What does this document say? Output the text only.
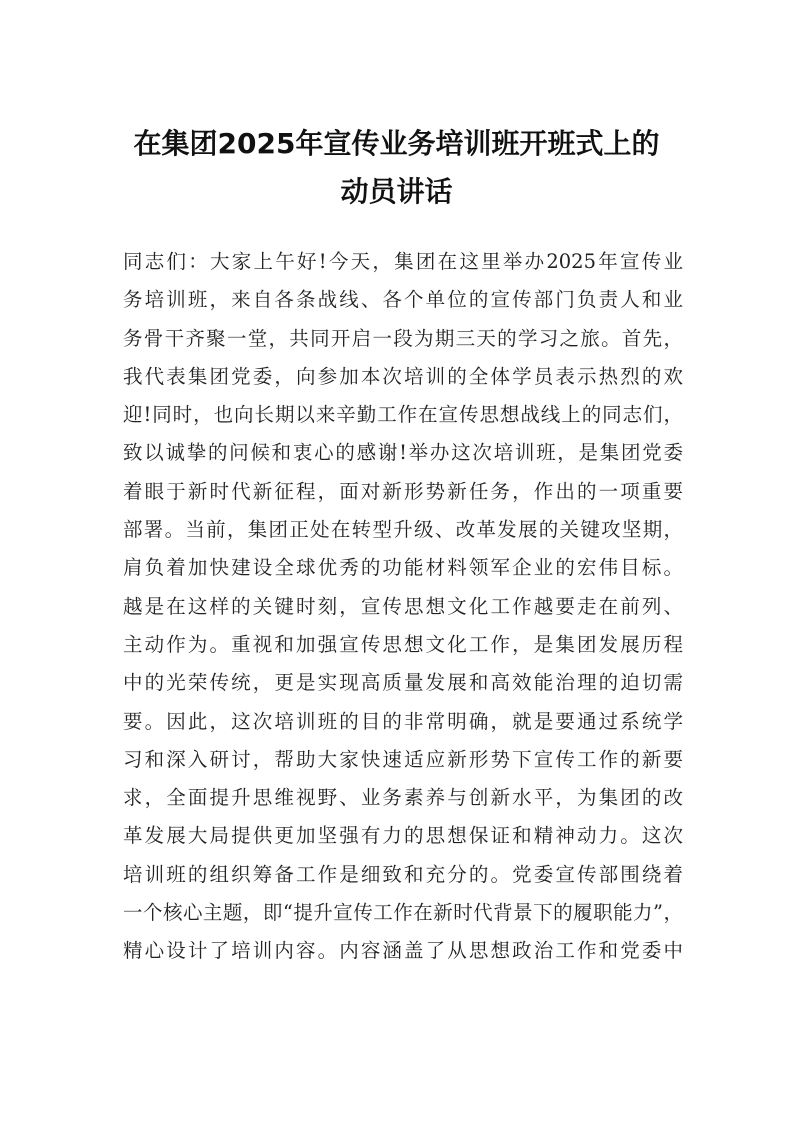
在集团2025年宣传业务培训班开班式上的
动员讲话
同志们：大家上午好!今天，集团在这里举办2025年宣传业
务培训班，来自各条战线、各个单位的宣传部门负责人和业
务骨干齐聚一堂，共同开启一段为期三天的学习之旅。首先，
我代表集团党委，向参加本次培训的全体学员表示热烈的欢
迎!同时，也向长期以来辛勤工作在宣传思想战线上的同志们，
致以诚挚的问候和衷心的感谢!举办这次培训班，是集团党委
着眼于新时代新征程，面对新形势新任务，作出的一项重要
部署。当前，集团正处在转型升级、改革发展的关键攻坚期，
肩负着加快建设全球优秀的功能材料领军企业的宏伟目标。
越是在这样的关键时刻，宣传思想文化工作越要走在前列、
主动作为。重视和加强宣传思想文化工作，是集团发展历程
中的光荣传统，更是实现高质量发展和高效能治理的迫切需
要。因此，这次培训班的目的非常明确，就是要通过系统学
习和深入研讨，帮助大家快速适应新形势下宣传工作的新要
求，全面提升思维视野、业务素养与创新水平，为集团的改
革发展大局提供更加坚强有力的思想保证和精神动力。这次
培训班的组织筹备工作是细致和充分的。党委宣传部围绕着
一个核心主题，即“提升宣传工作在新时代背景下的履职能力”，
精心设计了培训内容。内容涵盖了从思想政治工作和党委中
